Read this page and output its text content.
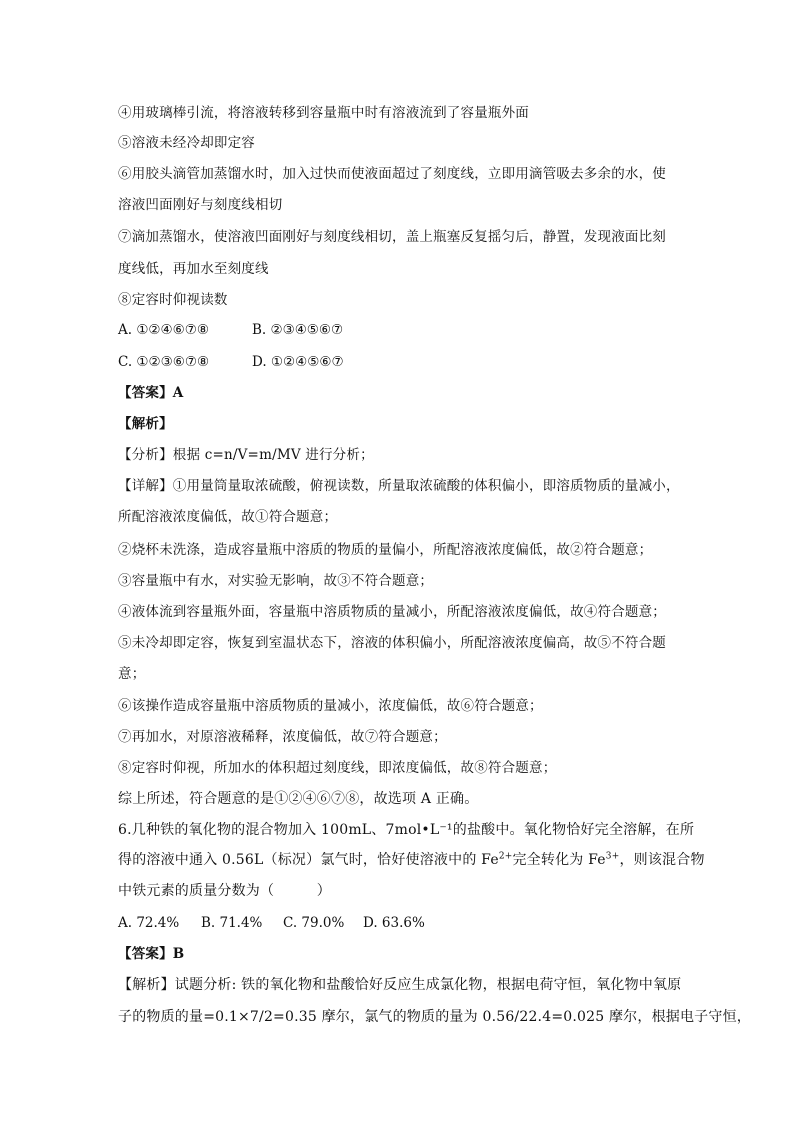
④用玻璃棒引流，将溶液转移到容量瓶中时有溶液流到了容量瓶外面
⑤溶液未经冷却即定容
⑥用胶头滴管加蒸馏水时，加入过快而使液面超过了刻度线，立即用滴管吸去多余的水，使
溶液凹面刚好与刻度线相切
⑦滴加蒸馏水，使溶液凹面刚好与刻度线相切，盖上瓶塞反复摇匀后，静置，发现液面比刻
度线低，再加水至刻度线
⑧定容时仰视读数
A. ①②④⑥⑦⑧	B. ②③④⑤⑥⑦
C. ①②③⑥⑦⑧	D. ①②④⑤⑥⑦
【答案】A
【解析】
【分析】根据 c=n/V=m/MV 进行分析；
【详解】①用量筒量取浓硫酸，俯视读数，所量取浓硫酸的体积偏小，即溶质物质的量减小，
所配溶液浓度偏低，故①符合题意；
②烧杯未洗涤，造成容量瓶中溶质的物质的量偏小，所配溶液浓度偏低，故②符合题意；
③容量瓶中有水，对实验无影响，故③不符合题意；
④液体流到容量瓶外面，容量瓶中溶质物质的量减小，所配溶液浓度偏低，故④符合题意；
⑤未冷却即定容，恢复到室温状态下，溶液的体积偏小，所配溶液浓度偏高，故⑤不符合题
意；
⑥该操作造成容量瓶中溶质物质的量减小，浓度偏低，故⑥符合题意；
⑦再加水，对原溶液稀释，浓度偏低，故⑦符合题意；
⑧定容时仰视，所加水的体积超过刻度线，即浓度偏低，故⑧符合题意；
综上所述，符合题意的是①②④⑥⑦⑧，故选项 A 正确。
6.几种铁的氧化物的混合物加入 100mL、7mol•L⁻¹的盐酸中。氧化物恰好完全溶解，在所
得的溶液中通入 0.56L（标况）氯气时，恰好使溶液中的 $Fe^{2+}$完全转化为 $Fe^{3+}$，则该混合物
中铁元素的质量分数为（　　　）
A. 72.4% B. 71.4% C. 79.0% D. 63.6%
【答案】B
【解析】试题分析: 铁的氧化物和盐酸恰好反应生成氯化物，根据电荷守恒，氧化物中氧原
子的物质的量=0.1×7/2=0.35 摩尔，氯气的物质的量为 0.56/22.4=0.025 摩尔，根据电子守恒，
